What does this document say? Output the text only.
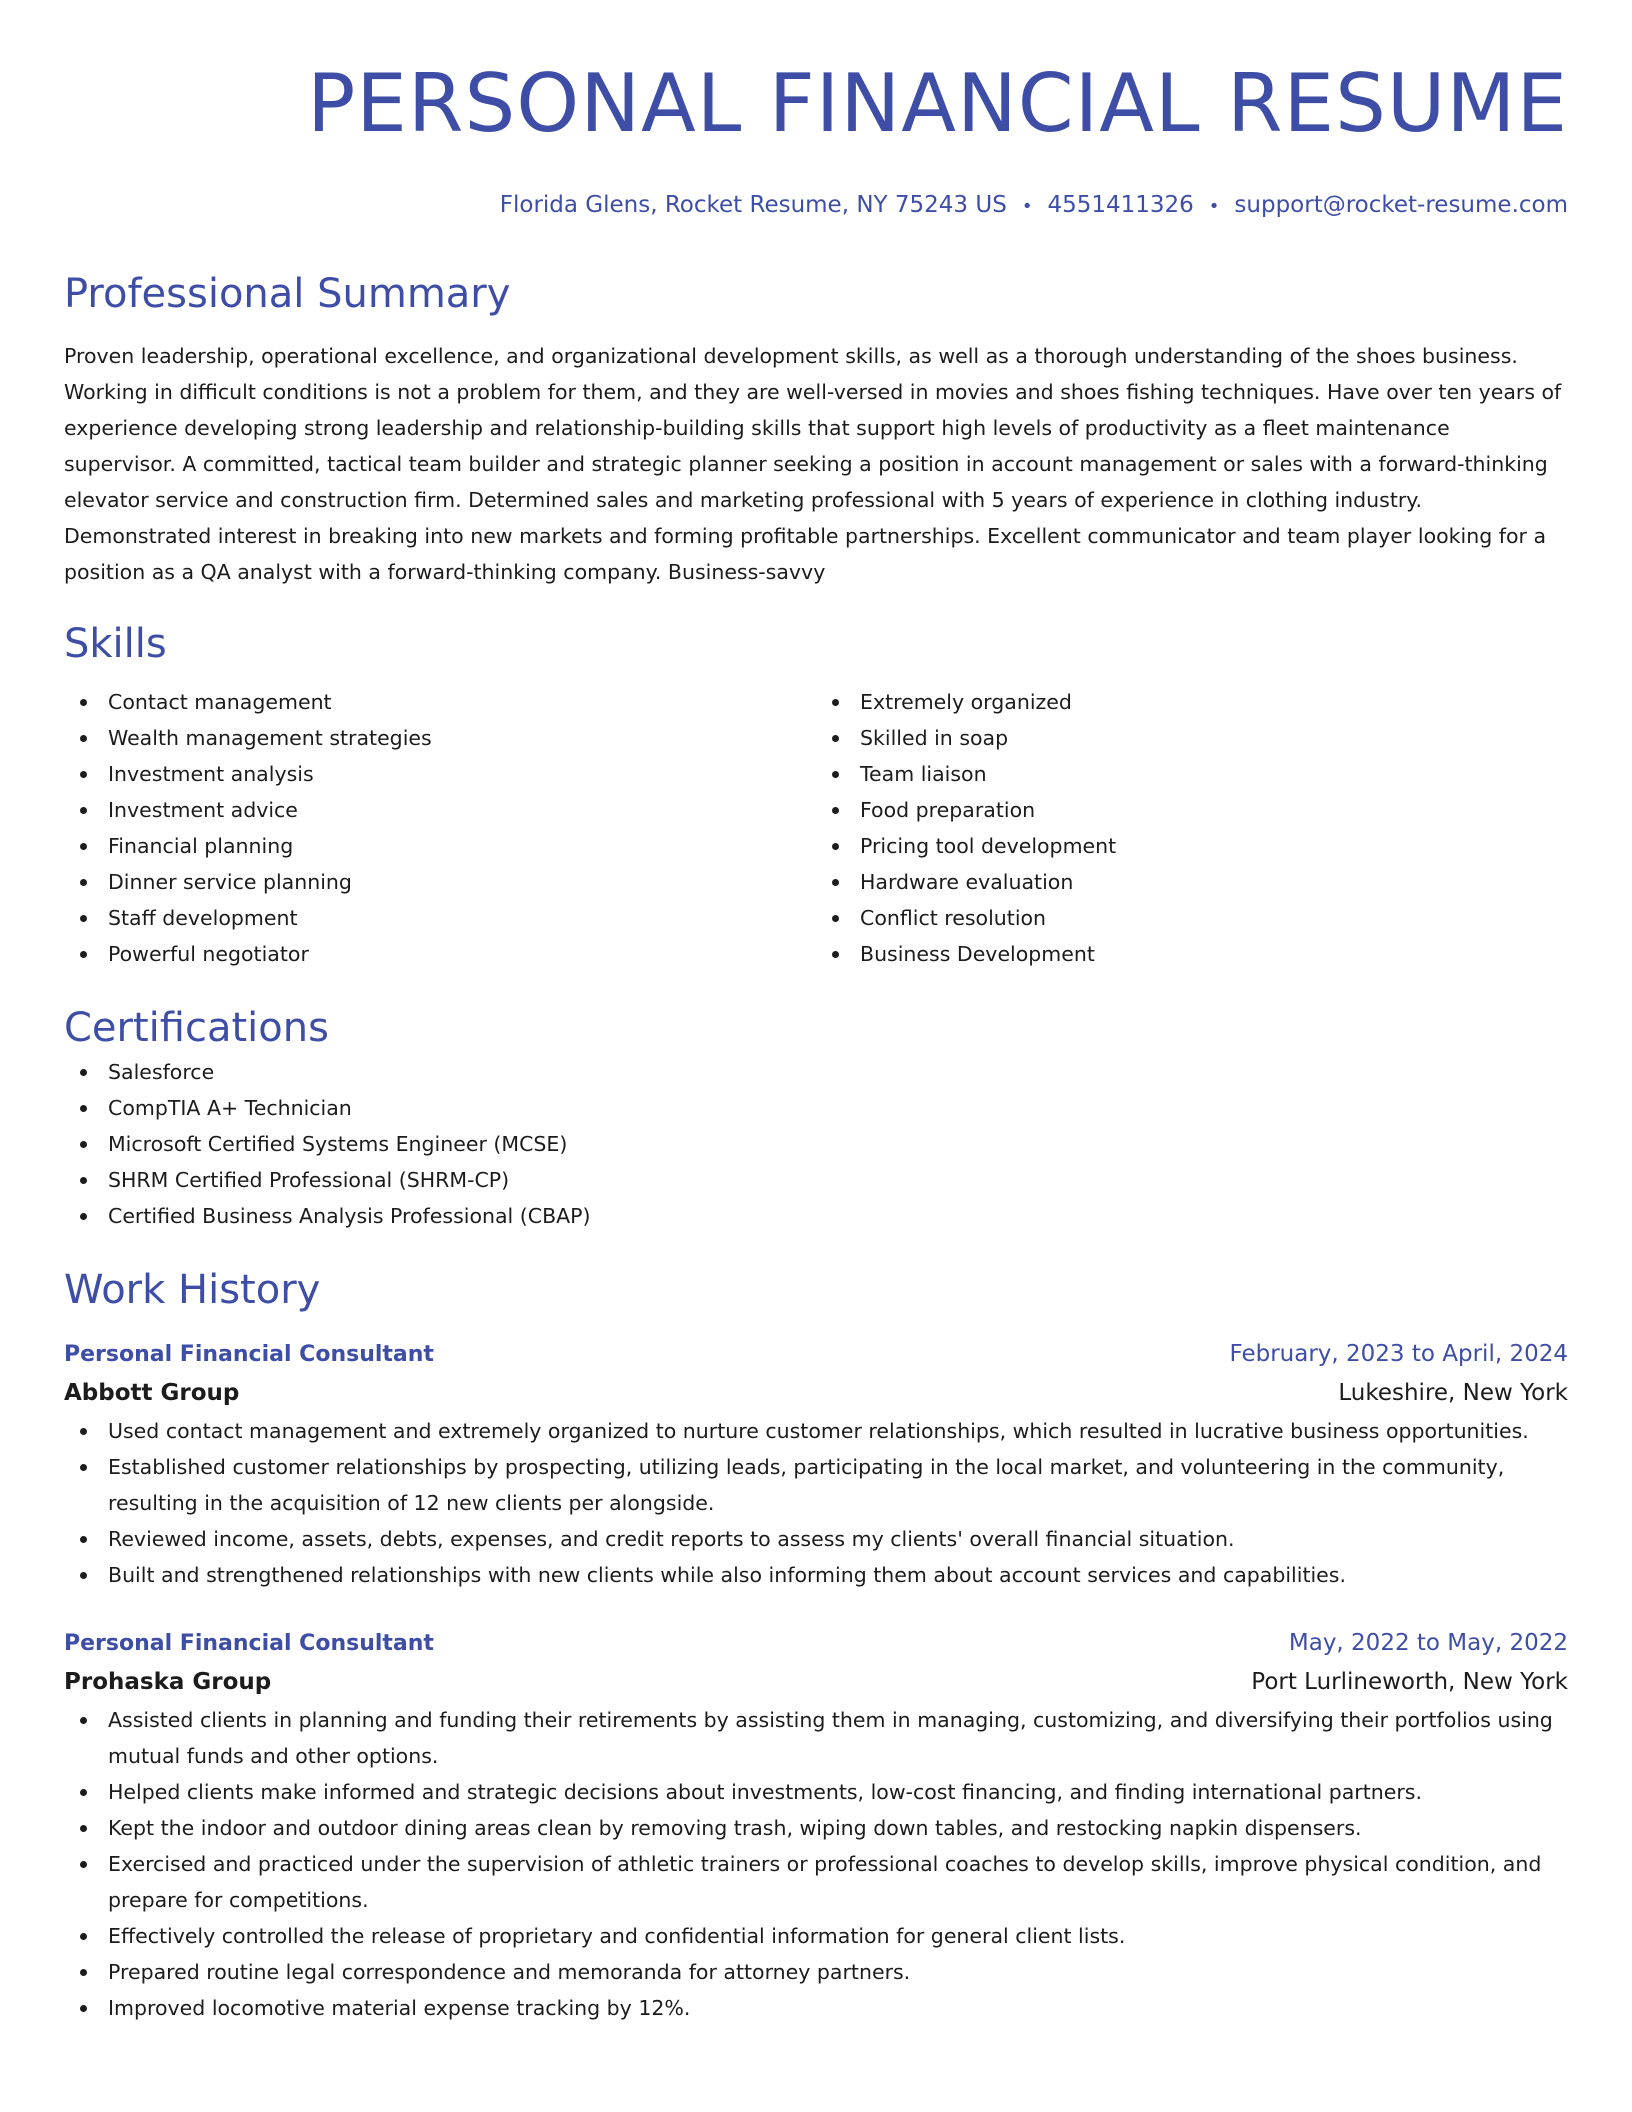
PERSONAL FINANCIAL RESUME
Florida Glens, Rocket Resume, NY 75243 US • 4551411326 • support@rocket-resume.com
Professional Summary

Proven leadership, operational excellence, and organizational development skills, as well as a thorough understanding of the shoes business. Working in difficult conditions is not a problem for them, and they are well-versed in movies and shoes fishing techniques. Have over ten years of experience developing strong leadership and relationship-building skills that support high levels of productivity as a fleet maintenance supervisor. A committed, tactical team builder and strategic planner seeking a position in account management or sales with a forward-thinking elevator service and construction firm. Determined sales and marketing professional with 5 years of experience in clothing industry. Demonstrated interest in breaking into new markets and forming profitable partnerships. Excellent communicator and team player looking for a position as a QA analyst with a forward-thinking company. Business-savvy

Skills
Contact management
Wealth management strategies
Investment analysis
Investment advice
Financial planning
Dinner service planning
Staff development
Powerful negotiator
Extremely organized
Skilled in soap
Team liaison
Food preparation
Pricing tool development
Hardware evaluation
Conflict resolution
Business Development
Certifications
Salesforce
CompTIA A+ Technician
Microsoft Certified Systems Engineer (MCSE)
SHRM Certified Professional (SHRM-CP)
Certified Business Analysis Professional (CBAP)
Work History
Personal Financial Consultant	February, 2023 to April, 2024
Abbott Group	Lukeshire, New York
Used contact management and extremely organized to nurture customer relationships, which resulted in lucrative business opportunities.
Established customer relationships by prospecting, utilizing leads, participating in the local market, and volunteering in the community, resulting in the acquisition of 12 new clients per alongside.
Reviewed income, assets, debts, expenses, and credit reports to assess my clients' overall financial situation.
Built and strengthened relationships with new clients while also informing them about account services and capabilities.
Personal Financial Consultant	May, 2022 to May, 2022
Prohaska Group	Port Lurlineworth, New York
Assisted clients in planning and funding their retirements by assisting them in managing, customizing, and diversifying their portfolios using mutual funds and other options.
Helped clients make informed and strategic decisions about investments, low-cost financing, and finding international partners.
Kept the indoor and outdoor dining areas clean by removing trash, wiping down tables, and restocking napkin dispensers.
Exercised and practiced under the supervision of athletic trainers or professional coaches to develop skills, improve physical condition, and prepare for competitions.
Effectively controlled the release of proprietary and confidential information for general client lists.
Prepared routine legal correspondence and memoranda for attorney partners.
Improved locomotive material expense tracking by 12%.
